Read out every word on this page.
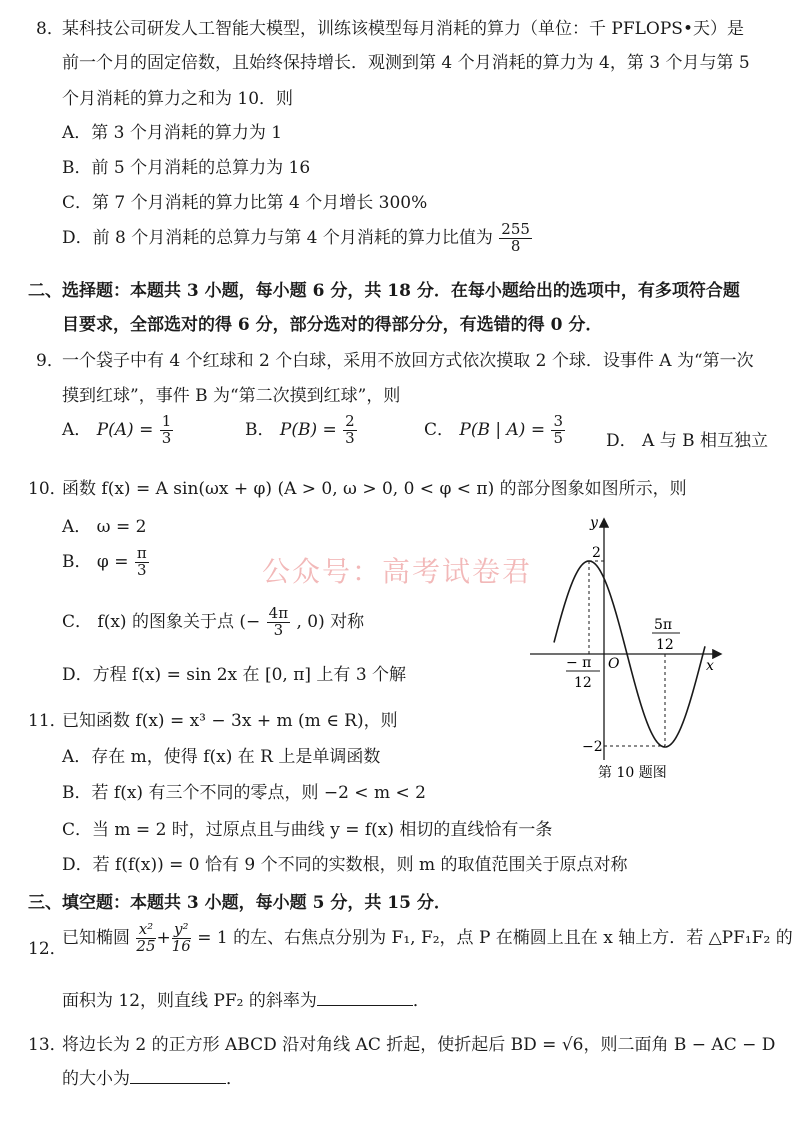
8．
某科技公司研发人工智能大模型，训练该模型每月消耗的算力（单位：千 PFLOPS•天）是
前一个月的固定倍数，且始终保持增长．观测到第 4 个月消耗的算力为 4，第 3 个月与第 5
个月消耗的算力之和为 10．则
A．第 3 个月消耗的算力为 1
B．前 5 个月消耗的总算力为 16
C．第 7 个月消耗的算力比第 4 个月增长 300%
D．前 8 个月消耗的总算力与第 4 个月消耗的算力比值为 $\frac{255}{8}$
二、选择题：本题共 3 小题，每小题 6 分，共 18 分．在每小题给出的选项中，有多项符合题
目要求，全部选对的得 6 分，部分选对的得部分分，有选错的得 0 分．
9．
一个袋子中有 4 个红球和 2 个白球，采用不放回方式依次摸取 2 个球．设事件 A 为“第一次
摸到红球”，事件 B 为“第二次摸到红球”，则
A． $P(A) = \frac{1}{3}$	B． $P(B) = \frac{2}{3}$	C． P(B | $A) = \frac{3}{5}$ D． A 与 B 相互独立
10．
函数 f(x) = A sin(ωx + φ) (A > 0, ω > 0, 0 < φ < π) 的部分图象如图所示，则
A． ω = 2
B． $\varphi = \frac{\pi}{3}$
C． f(x) 的图象关于点 (− $\frac{4\pi}{3}$ , 0) 对称
D．方程 f(x) = sin 2x 在 [0, π] 上有 3 个解
公众号：高考试卷君
y
x
O
2
−2
− π
12
5π
12
第 10 题图
11．
已知函数 f(x) = x³ − 3x + m (m ∈ R)，则
A．存在 m，使得 f(x) 在 R 上是单调函数
B．若 f(x) 有三个不同的零点，则 −2 < m < 2
C．当 m = 2 时，过原点且与曲线 y = f(x) 相切的直线恰有一条
D．若 f(f(x)) = 0 恰有 9 个不同的实数根，则 m 的取值范围关于原点对称
三、填空题：本题共 3 小题，每小题 5 分，共 15 分．
12．
已知椭圆 $\frac{\text{x²}}{25} + \frac{\text{y²}}{16} = 1$ 的左、右焦点分别为 F₁, F₂，点 P 在椭圆上且在 x 轴上方．若 △PF₁F₂ 的
面积为 12，则直线 PF₂ 的斜率为	．
13．
将边长为 2 的正方形 ABCD 沿对角线 AC 折起，使折起后 BD = √6，则二面角 B − AC − D
的大小为	．
